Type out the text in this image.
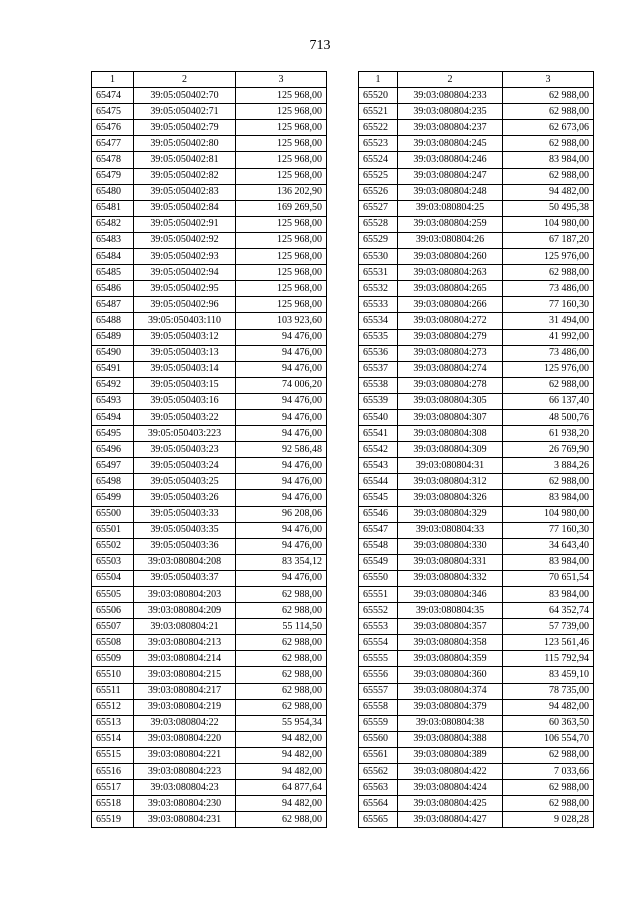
713
1	2	3
65474	39:05:050402:70	125 968,00
65475	39:05:050402:71	125 968,00
65476	39:05:050402:79	125 968,00
65477	39:05:050402:80	125 968,00
65478	39:05:050402:81	125 968,00
65479	39:05:050402:82	125 968,00
65480	39:05:050402:83	136 202,90
65481	39:05:050402:84	169 269,50
65482	39:05:050402:91	125 968,00
65483	39:05:050402:92	125 968,00
65484	39:05:050402:93	125 968,00
65485	39:05:050402:94	125 968,00
65486	39:05:050402:95	125 968,00
65487	39:05:050402:96	125 968,00
65488	39:05:050403:110	103 923,60
65489	39:05:050403:12	94 476,00
65490	39:05:050403:13	94 476,00
65491	39:05:050403:14	94 476,00
65492	39:05:050403:15	74 006,20
65493	39:05:050403:16	94 476,00
65494	39:05:050403:22	94 476,00
65495	39:05:050403:223	94 476,00
65496	39:05:050403:23	92 586,48
65497	39:05:050403:24	94 476,00
65498	39:05:050403:25	94 476,00
65499	39:05:050403:26	94 476,00
65500	39:05:050403:33	96 208,06
65501	39:05:050403:35	94 476,00
65502	39:05:050403:36	94 476,00
65503	39:03:080804:208	83 354,12
65504	39:05:050403:37	94 476,00
65505	39:03:080804:203	62 988,00
65506	39:03:080804:209	62 988,00
65507	39:03:080804:21	55 114,50
65508	39:03:080804:213	62 988,00
65509	39:03:080804:214	62 988,00
65510	39:03:080804:215	62 988,00
65511	39:03:080804:217	62 988,00
65512	39:03:080804:219	62 988,00
65513	39:03:080804:22	55 954,34
65514	39:03:080804:220	94 482,00
65515	39:03:080804:221	94 482,00
65516	39:03:080804:223	94 482,00
65517	39:03:080804:23	64 877,64
65518	39:03:080804:230	94 482,00
65519	39:03:080804:231	62 988,00
1	2	3
65520	39:03:080804:233	62 988,00
65521	39:03:080804:235	62 988,00
65522	39:03:080804:237	62 673,06
65523	39:03:080804:245	62 988,00
65524	39:03:080804:246	83 984,00
65525	39:03:080804:247	62 988,00
65526	39:03:080804:248	94 482,00
65527	39:03:080804:25	50 495,38
65528	39:03:080804:259	104 980,00
65529	39:03:080804:26	67 187,20
65530	39:03:080804:260	125 976,00
65531	39:03:080804:263	62 988,00
65532	39:03:080804:265	73 486,00
65533	39:03:080804:266	77 160,30
65534	39:03:080804:272	31 494,00
65535	39:03:080804:279	41 992,00
65536	39:03:080804:273	73 486,00
65537	39:03:080804:274	125 976,00
65538	39:03:080804:278	62 988,00
65539	39:03:080804:305	66 137,40
65540	39:03:080804:307	48 500,76
65541	39:03:080804:308	61 938,20
65542	39:03:080804:309	26 769,90
65543	39:03:080804:31	3 884,26
65544	39:03:080804:312	62 988,00
65545	39:03:080804:326	83 984,00
65546	39:03:080804:329	104 980,00
65547	39:03:080804:33	77 160,30
65548	39:03:080804:330	34 643,40
65549	39:03:080804:331	83 984,00
65550	39:03:080804:332	70 651,54
65551	39:03:080804:346	83 984,00
65552	39:03:080804:35	64 352,74
65553	39:03:080804:357	57 739,00
65554	39:03:080804:358	123 561,46
65555	39:03:080804:359	115 792,94
65556	39:03:080804:360	83 459,10
65557	39:03:080804:374	78 735,00
65558	39:03:080804:379	94 482,00
65559	39:03:080804:38	60 363,50
65560	39:03:080804:388	106 554,70
65561	39:03:080804:389	62 988,00
65562	39:03:080804:422	7 033,66
65563	39:03:080804:424	62 988,00
65564	39:03:080804:425	62 988,00
65565	39:03:080804:427	9 028,28
